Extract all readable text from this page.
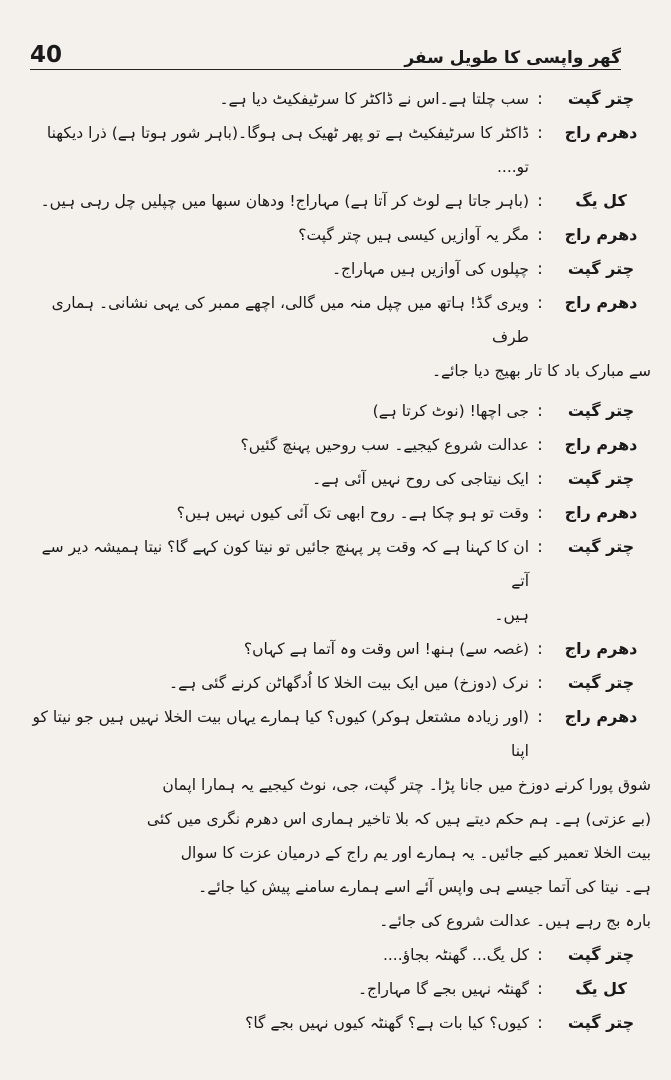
40	گھر واپسی کا طویل سفر
چتر گپت
:
سب چلتا ہے۔اس نے ڈاکٹر کا سرٹیفکیٹ دیا ہے۔
دھرم راج
:
ڈاکٹر کا سرٹیفکیٹ ہے تو پھر ٹھیک ہی ہوگا۔(باہر شور ہوتا ہے) ذرا دیکھنا تو....
کل یگ
:
(باہر جاتا ہے لوٹ کر آتا ہے) مہاراج! ودھان سبھا میں چپلیں چل رہی ہیں۔
دھرم راج
:
مگر یہ آوازیں کیسی ہیں چتر گپت؟
چتر گپت
:
چپلوں کی آوازیں ہیں مہاراج۔
دھرم راج
:
ویری گڈ! ہاتھ میں چپل منہ میں گالی، اچھے ممبر کی یہی نشانی۔ ہماری طرف
سے مبارک باد کا تار بھیج دیا جائے۔
چتر گپت
:
جی اچھا! (نوٹ کرتا ہے)
دھرم راج
:
عدالت شروع کیجیے۔ سب روحیں پہنچ گئیں؟
چتر گپت
:
ایک نیتاجی کی روح نہیں آئی ہے۔
دھرم راج
:
وقت تو ہو چکا ہے۔ روح ابھی تک آئی کیوں نہیں ہیں؟
چتر گپت
:
ان کا کہنا ہے کہ وقت پر پہنچ جائیں تو نیتا کون کہے گا؟ نیتا ہمیشہ دیر سے آتے
ہیں۔
دھرم راج
:
(غصہ سے) ہنھ! اس وقت وہ آتما ہے کہاں؟
چتر گپت
:
نرک (دوزخ) میں ایک بیت الخلا کا اُدگھاٹن کرنے گئی ہے۔
دھرم راج
:
(اور زیادہ مشتعل ہوکر) کیوں؟ کیا ہمارے یہاں بیت الخلا نہیں ہیں جو نیتا کو اپنا
شوق پورا کرنے دوزخ میں جانا پڑا۔ چتر گپت، جی، نوٹ کیجیے یہ ہمارا اپمان
(بے عزتی) ہے۔ ہم حکم دیتے ہیں کہ بلا تاخیر ہماری اس دھرم نگری میں کئی
بیت الخلا تعمیر کیے جائیں۔ یہ ہمارے اور یم راج کے درمیان عزت کا سوال
ہے۔ نیتا کی آتما جیسے ہی واپس آئے اسے ہمارے سامنے پیش کیا جائے۔
بارہ بج رہے ہیں۔ عدالت شروع کی جائے۔
چتر گپت
:
کل یگ... گھنٹہ بجاؤ....
کل یگ
:
گھنٹہ نہیں بجے گا مہاراج۔
چتر گپت
:
کیوں؟ کیا بات ہے؟ گھنٹہ کیوں نہیں بجے گا؟
